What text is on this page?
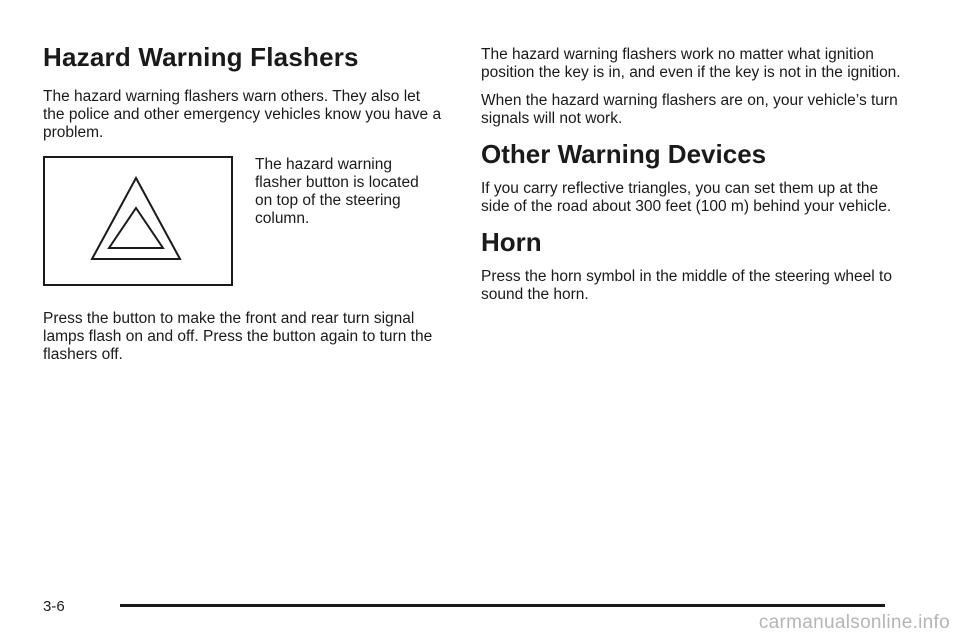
Hazard Warning Flashers

The hazard warning flashers warn others. They also let the police and other emergency vehicles know you have a problem.

The hazard warning flasher button is located on top of the steering column.

Press the button to make the front and rear turn signal lamps flash on and off. Press the button again to turn the flashers off.

The hazard warning flashers work no matter what ignition position the key is in, and even if the key is not in the ignition.

When the hazard warning flashers are on, your vehicle’s turn signals will not work.

Other Warning Devices

If you carry reflective triangles, you can set them up at the side of the road about 300 feet (100 m) behind your vehicle.

Horn

Press the horn symbol in the middle of the steering wheel to sound the horn.

3-6
carmanualsonline.info
